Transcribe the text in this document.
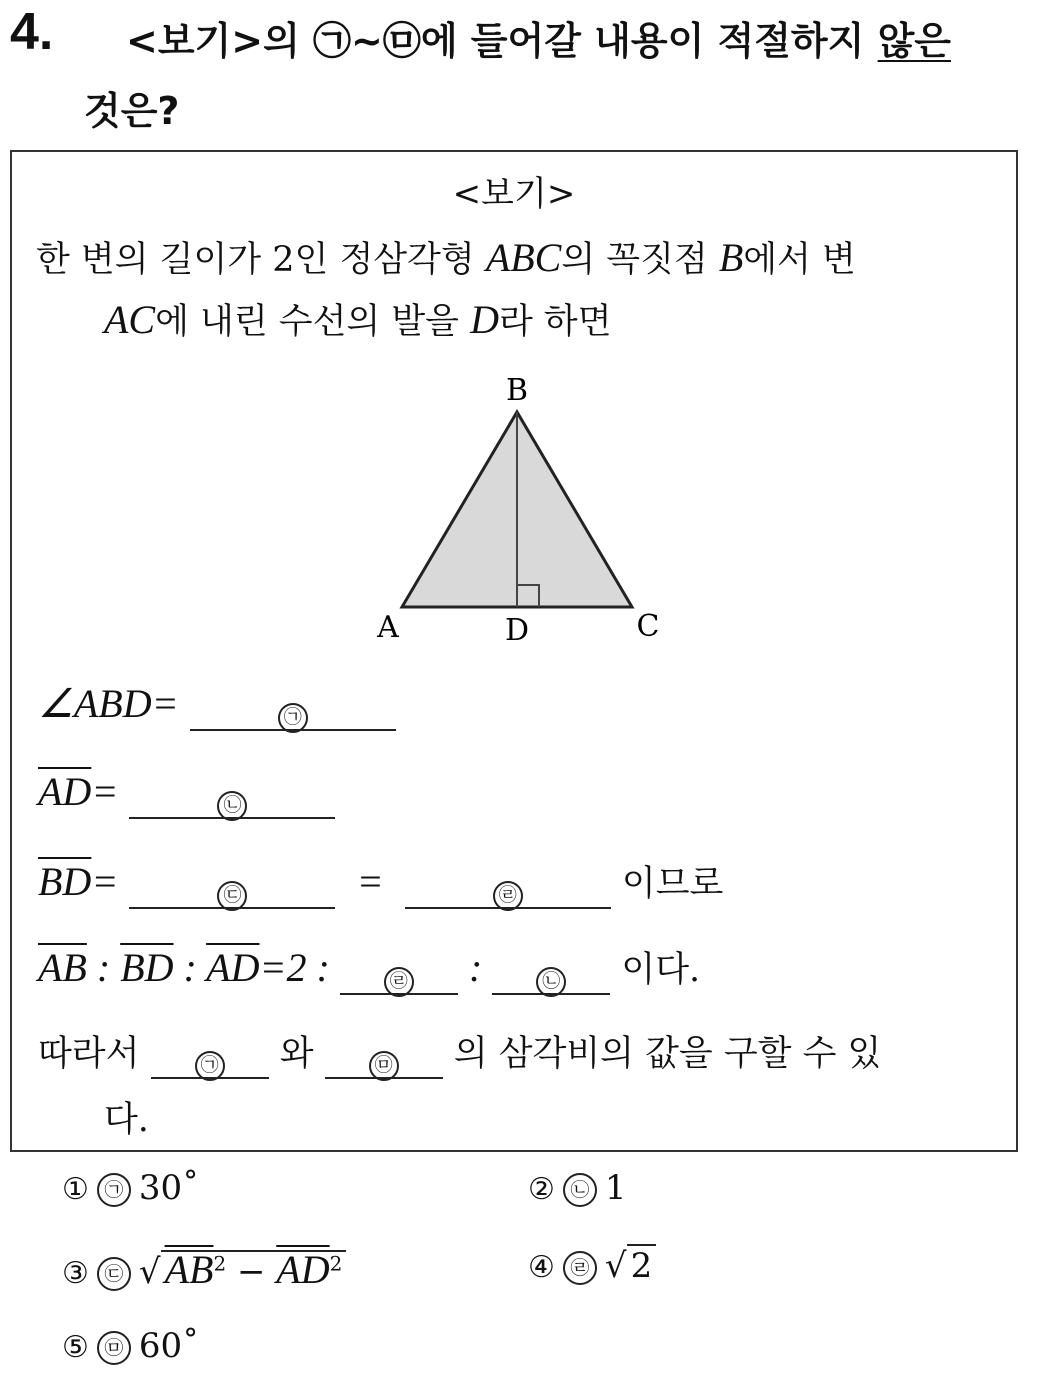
4. <보기>의 ㉠~㉤에 들어갈 내용이 적절하지 않은
것은?
<보기>
한 변의 길이가 2인 정삼각형 ABC의 꼭짓점 B에서 변
AC에 내린 수선의 발을 D라 하면
B
A	D	C
∠ABD=	㉠
$\overline{AD}=$	㉡
$\overline{BD}=$	㉢	=	㉣	이므로
$\overline{AB}$ : $\overline{BD}$ : $\overline{AD}=2$ :	㉣ :	㉡ 이다.
따라서	㉠ 와	㉤ 의 삼각비의 값을 구할 수 있
다.
① ㉠ 30˚	② ㉡ 1
③ ㉢ √ $AB^2 - \overline{AD}^2$	④ ㉣ √ 2
⑤ ㉤ 60˚
